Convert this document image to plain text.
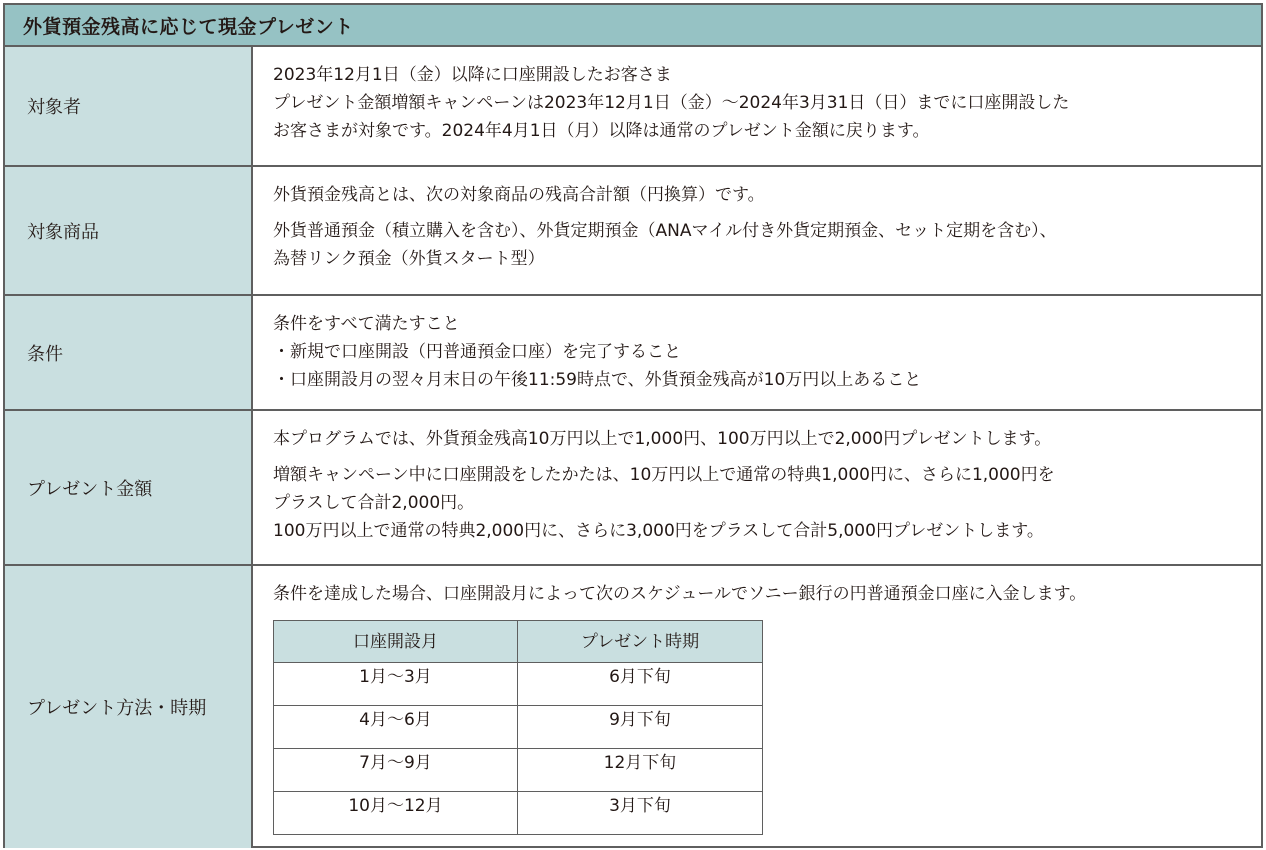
外貨預金残高に応じて現金プレゼント
対象者	

2023年12月1日（金）以降に口座開設したお客さま

プレゼント金額増額キャンペーンは2023年12月1日（金）～2024年3月31日（日）までに口座開設した

お客さまが対象です。2024年4月1日（月）以降は通常のプレゼント金額に戻ります。

対象商品	

外貨預金残高とは、次の対象商品の残高合計額（円換算）です。

外貨普通預金（積立購入を含む）、外貨定期預金（ANAマイル付き外貨定期預金、セット定期を含む）、

為替リンク預金（外貨スタート型）

条件	

条件をすべて満たすこと

・新規で口座開設（円普通預金口座）を完了すること

・口座開設月の翌々月末日の午後11:59時点で、外貨預金残高が10万円以上あること

プレゼント金額	

本プログラムでは、外貨預金残高10万円以上で1,000円、100万円以上で2,000円プレゼントします。

増額キャンペーン中に口座開設をしたかたは、10万円以上で通常の特典1,000円に、さらに1,000円を

プラスして合計2,000円。

100万円以上で通常の特典2,000円に、さらに3,000円をプラスして合計5,000円プレゼントします。

プレゼント方法・時期	

条件を達成した場合、口座開設月によって次のスケジュールでソニー銀行の円普通預金口座に入金します。

口座開設月	プレゼント時期
1月～3月	6月下旬
4月～6月	9月下旬
7月～9月	12月下旬
10月～12月	3月下旬
